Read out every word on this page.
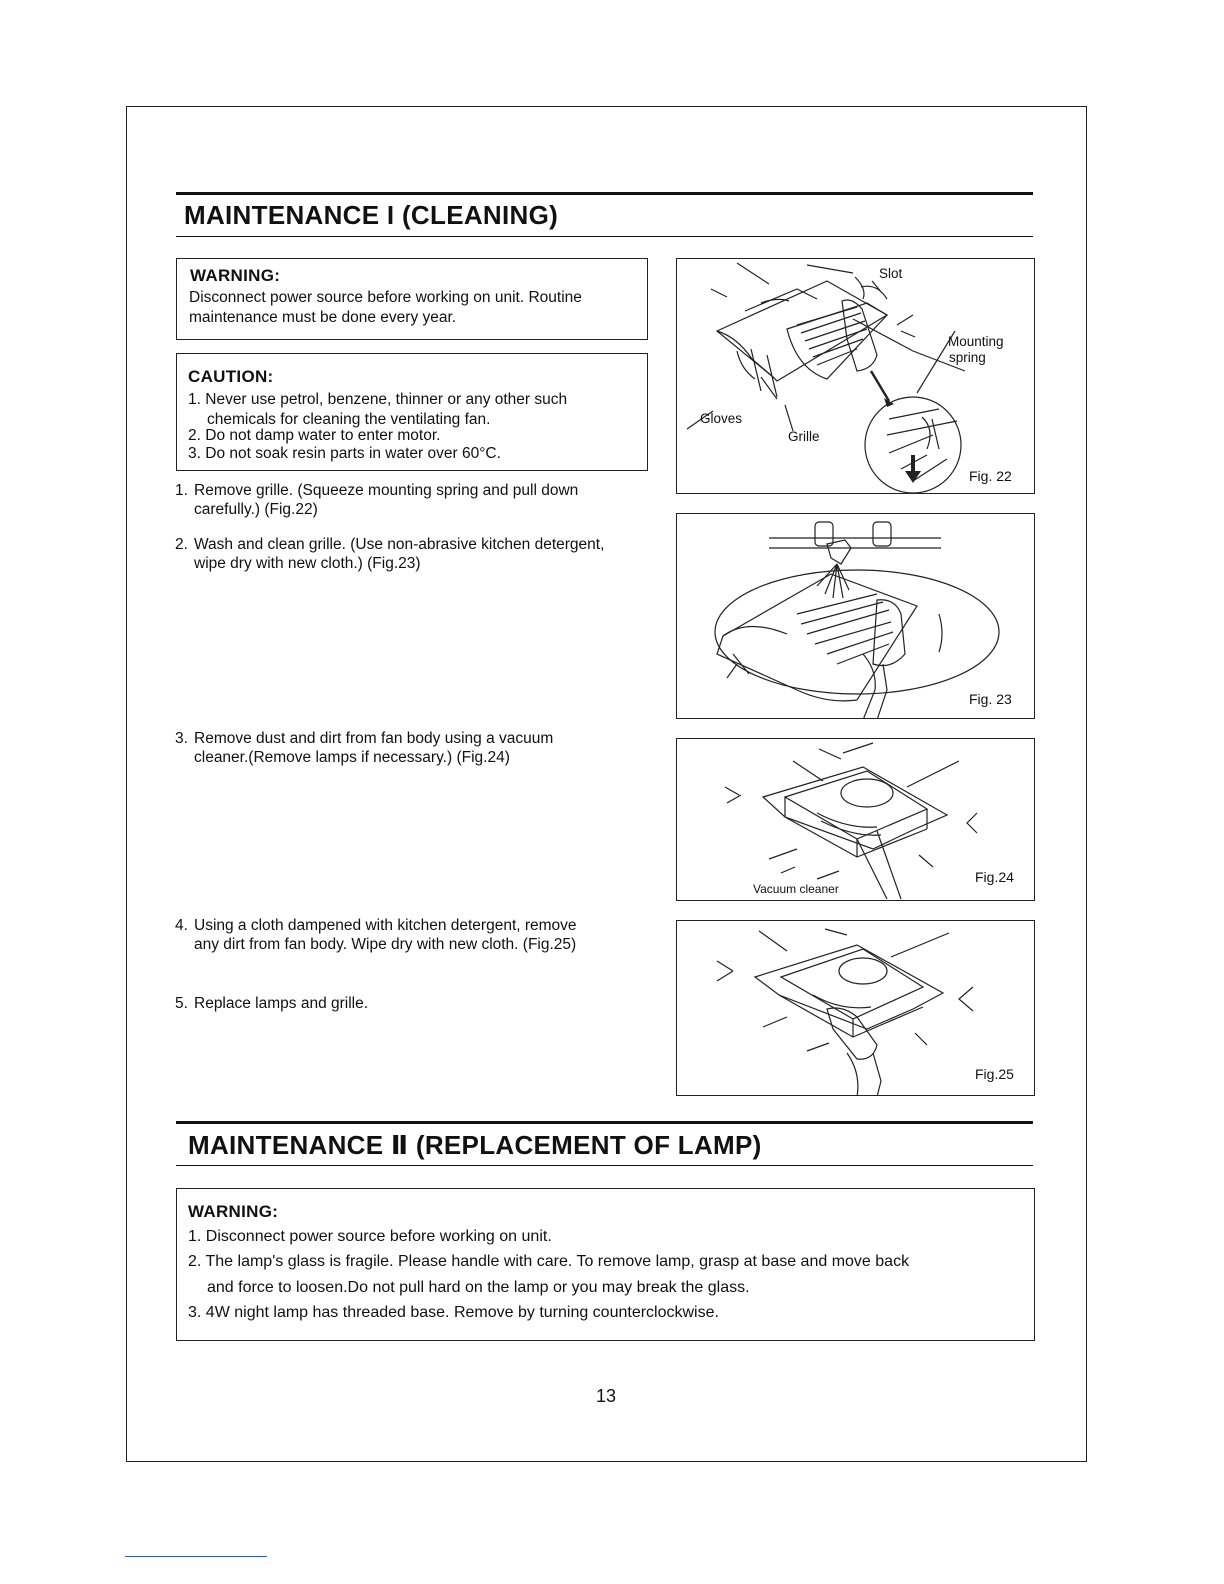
MAINTENANCE I (CLEANING)
WARNING:
Disconnect power source before working on unit. Routine
maintenance must be done every year.
CAUTION:
1. Never use petrol, benzene, thinner or any other such
chemicals for cleaning the ventilating fan.
2. Do not damp water to enter motor.
3. Do not soak resin parts in water over 60°C.
1. Remove grille. (Squeeze mounting spring and pull down
carefully.) (Fig.22)
2. Wash and clean grille. (Use non-abrasive kitchen detergent,
wipe dry with new cloth.) (Fig.23)
3. Remove dust and dirt from fan body using a vacuum
cleaner.(Remove lamps if necessary.) (Fig.24)
4. Using a cloth dampened with kitchen detergent, remove
any dirt from fan body. Wipe dry with new cloth. (Fig.25)
5. Replace lamps and grille.
Slot
Mounting
spring
Gloves
Grille
Fig. 22
Fig. 23
Vacuum cleaner
Fig.24
Fig.25
MAINTENANCE Ⅱ (REPLACEMENT OF LAMP)
WARNING:
1. Disconnect power source before working on unit.
2. The lamp's glass is fragile. Please handle with care. To remove lamp, grasp at base and move back
and force to loosen.Do not pull hard on the lamp or you may break the glass.
3. 4W night lamp has threaded base. Remove by turning counterclockwise.
13
